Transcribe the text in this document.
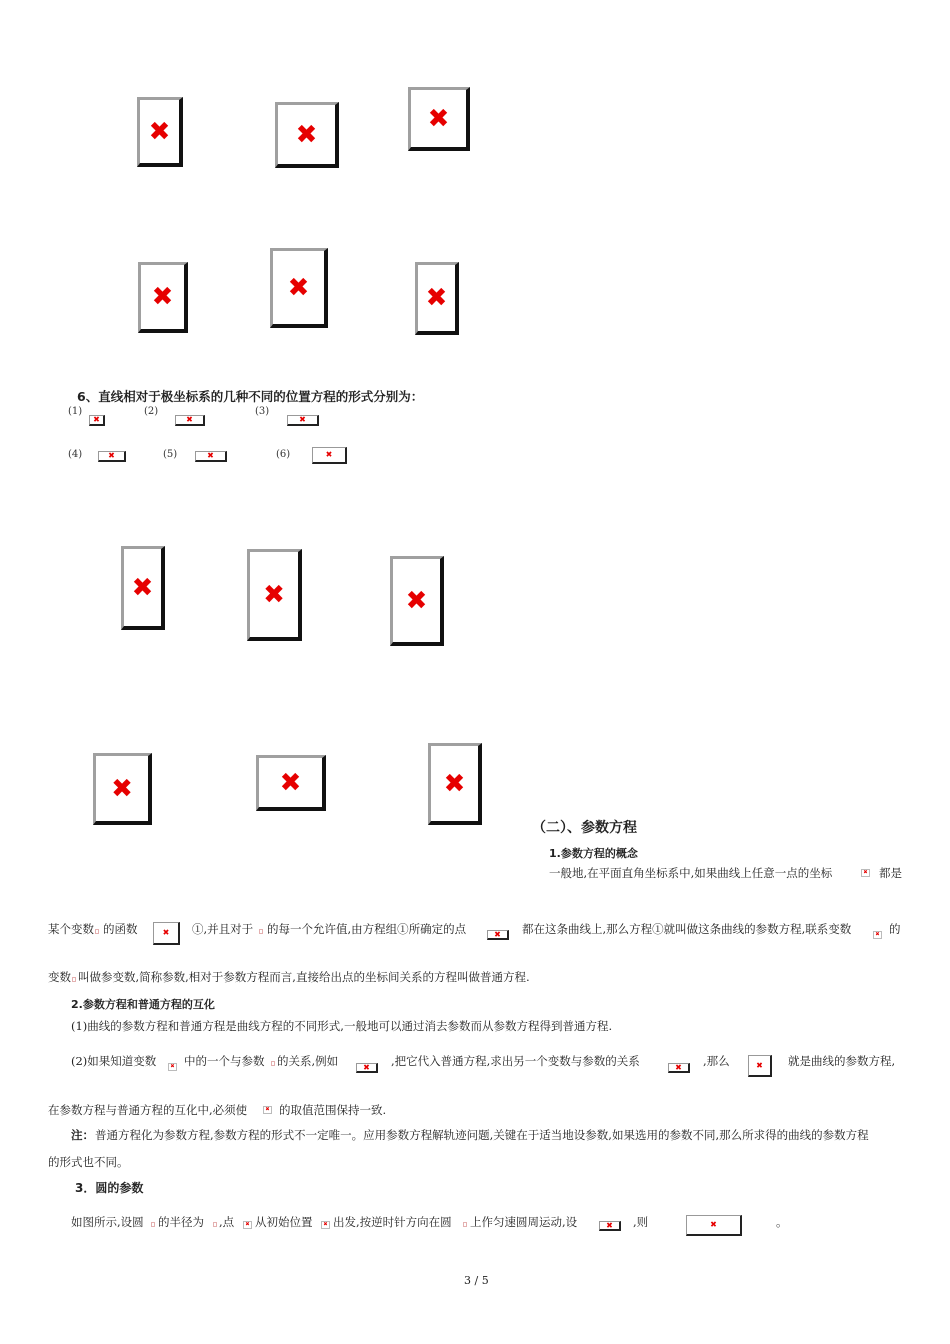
✖	✖
✖
✖	✖	✖
6、直线相对于极坐标系的几种不同的位置方程的形式分别为：
(1)
✖
(2)
✖
(3)
✖
(4)	✖	(5)	✖	(6)	✖
✖	✖	✖
✖	✖	✖
（二）、参数方程
1.参数方程的概念
一般地,在平面直角坐标系中,如果曲线上任意一点的坐标	✖ 都是
某个变数 的函数	✖ ①,并且对于 的每一个允许值,由方程组①所确定的点	✖ 都在这条曲线上,那么方程①就叫做这条曲线的参数方程,联系变数	✖ 的
变数 叫做参变数,简称参数,相对于参数方程而言,直接给出点的坐标间关系的方程叫做普通方程.
2.参数方程和普通方程的互化
(1)曲线的参数方程和普通方程是曲线方程的不同形式,一般地可以通过消去参数而从参数方程得到普通方程.
(2)如果知道变数	✖ 中的一个与参数 的关系,例如	✖ ,把它代入普通方程,求出另一个变数与参数的关系	✖ ,那么	✖ 就是曲线的参数方程,
在参数方程与普通方程的互化中,必须使	✖ 的取值范围保持一致.
注： 普通方程化为参数方程,参数方程的形式不一定唯一。应用参数方程解轨迹问题,关键在于适当地设参数,如果选用的参数不同,那么所求得的曲线的参数方程
的形式也不同。
3．圆的参数
如图所示,设圆 的半径为 ,点 ✖ 从初始位置 ✖ 出发,按逆时针方向在圆 上作匀速圆周运动,设	✖ ,则	✖	。
3 / 5
